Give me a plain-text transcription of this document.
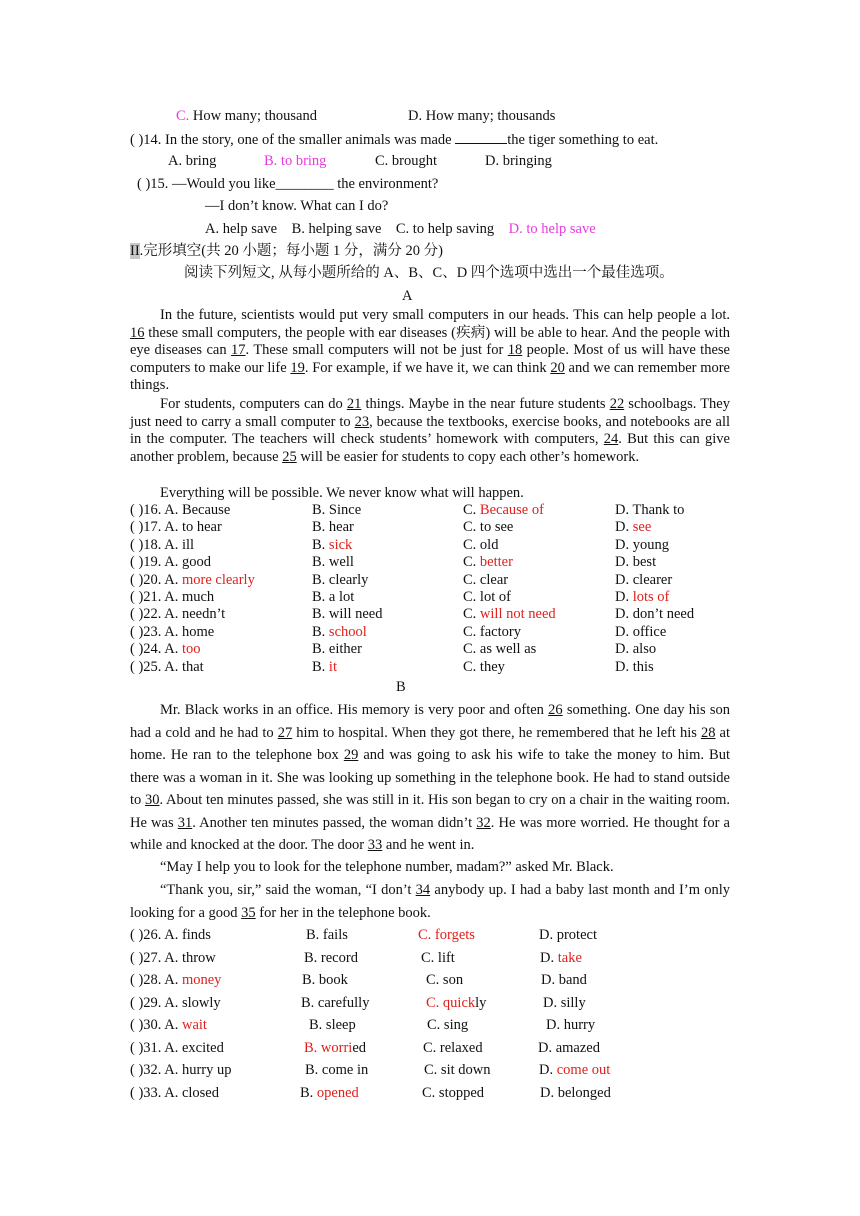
C. How many; thousand	D. How many; thousands
( )14. In the story, one of the smaller animals was made	the tiger something to eat.
A. bring	B. to bring	C. brought	D. bringing
( )15. —Would you like________ the environment?
—I don’t know. What can I do?
A. help save B. helping save C. to help saving D. to help save
II.完形填空(共 20 小题；每小题 1 分，满分 20 分)
阅读下列短文, 从每小题所给的 A、B、C、D 四个选项中选出一个最佳选项。
A
In the future, scientists would put very small computers in our heads. This can help people a lot. 16 these small computers, the people with ear diseases (疾病) will be able to hear. And the people with eye diseases can 17. These small computers will not be just for 18 people. Most of us will have these computers to make our life 19. For example, if we have it, we can think 20 and we can remember more things.
For students, computers can do 21 things. Maybe in the near future students 22 schoolbags. They just need to carry a small computer to 23, because the textbooks, exercise books, and notebooks are all in the computer. The teachers will check students’ homework with computers, 24. But this can give another problem, because 25 will be easier for students to copy each other’s homework.
Everything will be possible. We never know what will happen.
( )16. A. Because	B. Since	C. Because of	D. Thank to
( )17. A. to hear	B. hear	C. to see	D. see
( )18. A. ill	B. sick	C. old	D. young
( )19. A. good	B. well	C. better	D. best
( )20. A. more clearly	B. clearly	C. clear	D. clearer
( )21. A. much	B. a lot	C. lot of	D. lots of
( )22. A. needn’t	B. will need	C. will not need	D. don’t need
( )23. A. home	B. school	C. factory	D. office
( )24. A. too	B. either	C. as well as	D. also
( )25. A. that	B. it	C. they	D. this
B
Mr. Black works in an office. His memory is very poor and often 26 something. One day his son had a cold and he had to 27 him to hospital. When they got there, he remembered that he left his 28 at home. He ran to the telephone box 29 and was going to ask his wife to take the money to him. But there was a woman in it. She was looking up something in the telephone book. He had to stand outside to 30. About ten minutes passed, she was still in it. His son began to cry on a chair in the waiting room. He was 31. Another ten minutes passed, the woman didn’t 32. He was more worried. He thought for a while and knocked at the door. The door 33 and he went in.
“May I help you to look for the telephone number, madam?” asked Mr. Black.
“Thank you, sir,” said the woman, “I don’t 34 anybody up. I had a baby last month and I’m only looking for a good 35 for her in the telephone book.
( )26. A. finds	B. fails	C. forgets	D. protect
( )27. A. throw	B. record	C. lift	D. take
( )28. A. money	B. book	C. son	D. band
( )29. A. slowly	B. carefully	C. quickly	D. silly
( )30. A. wait	B. sleep	C. sing	D. hurry
( )31. A. excited	B. worried	C. relaxed	D. amazed
( )32. A. hurry up	B. come in	C. sit down	D. come out
( )33. A. closed	B. opened	C. stopped	D. belonged
